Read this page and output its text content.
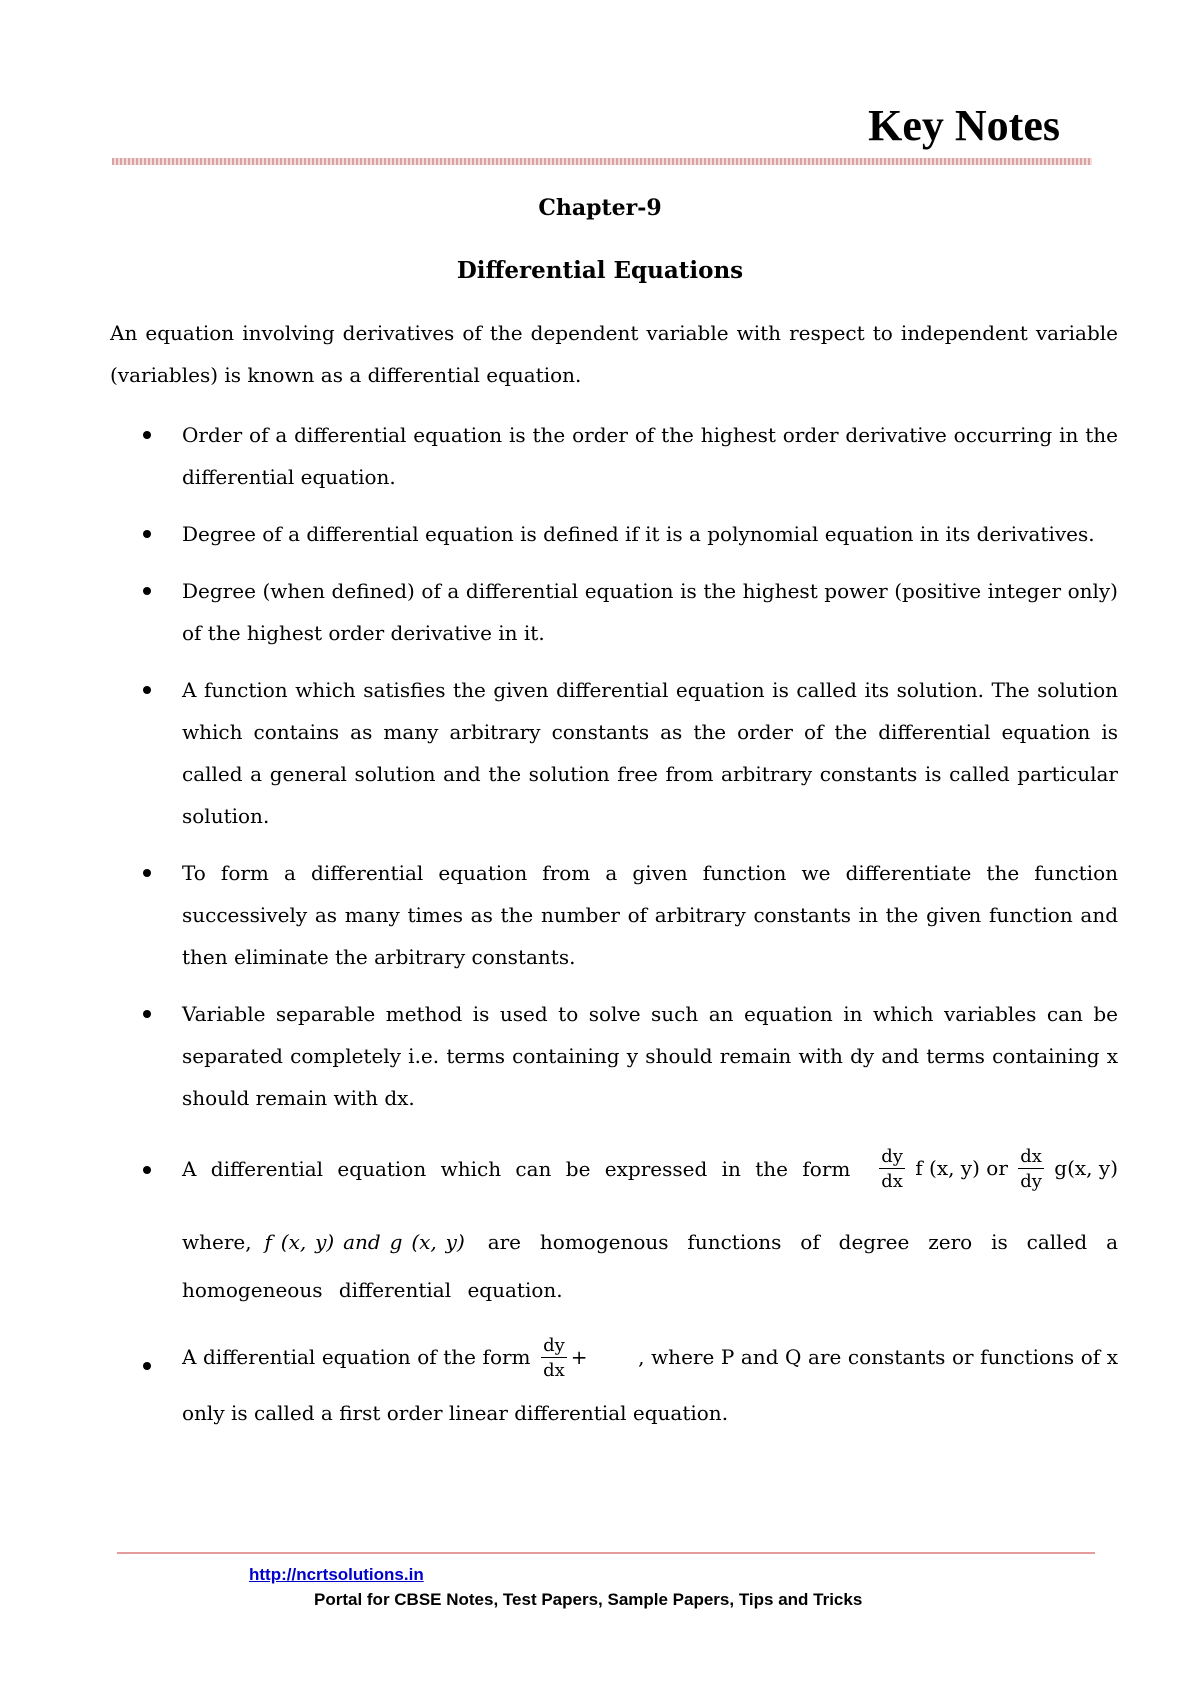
Key Notes
Chapter-9
Differential Equations
An equation involving derivatives of the dependent variable with respect to independent variable (variables) is known as a differential equation.
Order of a differential equation is the order of the highest order derivative occurring in the differential equation.
Degree of a differential equation is defined if it is a polynomial equation in its derivatives.
Degree (when defined) of a differential equation is the highest power (positive integer only) of the highest order derivative in it.
A function which satisfies the given differential equation is called its solution. The solution which contains as many arbitrary constants as the order of the differential equation is called a general solution and the solution free from arbitrary constants is called particular solution.
To form a differential equation from a given function we differentiate the function successively as many times as the number of arbitrary constants in the given function and then eliminate the arbitrary constants.
Variable separable method is used to solve such an equation in which variables can be separated completely i.e. terms containing y should remain with dy and terms containing x should remain with dx.
A differential equation which can be expressed in the form $\frac{dy}{dx}$ f (x, y) or $\frac{dx}{dy} g(x$, y)
where, f (x, y) and g (x, y) are homogenous functions of degree zero is called a homogeneous differential equation.
A differential equation of the form $\frac{dy}{dx}$ +	, where P and Q are constants or functions of x only is called a first order linear differential equation.
http://ncrtsolutions.in
Portal for CBSE Notes, Test Papers, Sample Papers, Tips and Tricks
